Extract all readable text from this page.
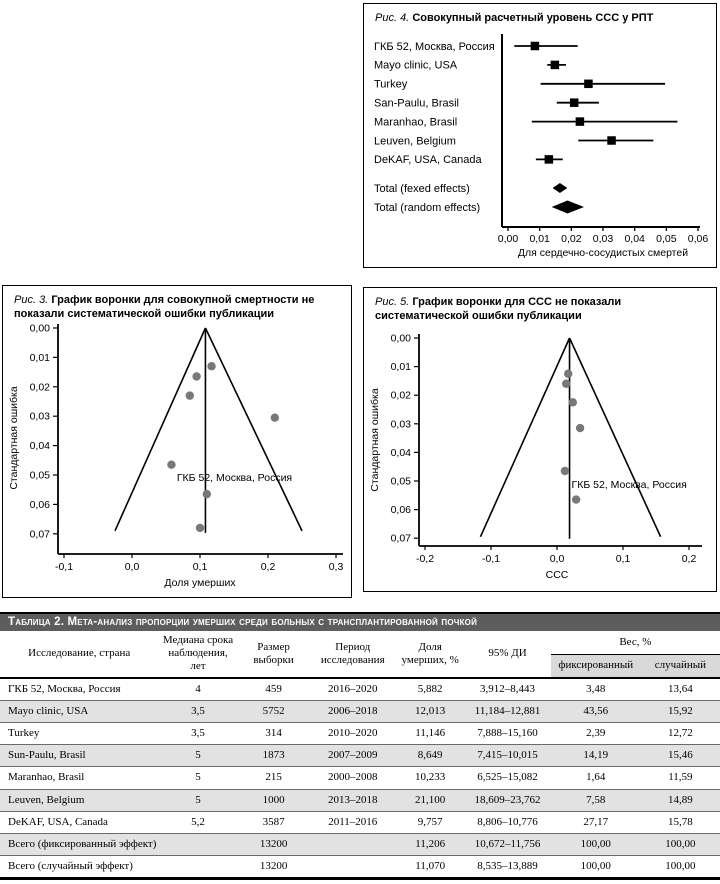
Рис. 4. Совокупный расчетный уровень ССС у РПТ
0,00 0,01 0,02 0,03 0,04 0,05 0,06
Для сердечно-сосудистых смертей
ГКБ 52, Москва, Россия
Mayo clinic, USA
Turkey
San-Paulu, Brasil
Maranhao, Brasil
Leuven, Belgium
DeKAF, USA, Canada
Total (fexed effects)
Total (random effects)
Рис. 3. График воронки для совокупной смертности не показали систематической ошибки публикации
0,00
0,01
0,02
0,03
0,04
0,05
0,06
0,07
-0,1	0,0	0,1	0,2	0,3
Доля умерших
Стандартная ошибка	ГКБ 52, Москва, Россия
Рис. 5. График воронки для ССС не показали систематической ошибки публикации
0,00
0,01
0,02
0,03
0,04
0,05
0,06
0,07
-0,2	-0,1	0,0	0,1	0,2
ССС
Стандартная ошибка	ГКБ 52, Москва, Россия
Таблица 2. Мета-анализ пропорции умерших среди больных с трансплантированной почкой
Исследование, страна	Медиана срока наблюдения, лет	Размер выборки	Период исследования	Доля умерших, %	95% ДИ	Вес, %	
						фиксированный	случайный
ГКБ 52, Москва, Россия	4	459	2016–2020	5,882	3,912–8,443	3,48	13,64
Mayo clinic, USA	3,5	5752	2006–2018	12,013	11,184–12,881	43,56	15,92
Turkey	3,5	314	2010–2020	11,146	7,888–15,160	2,39	12,72
Sun-Paulu, Brasil	5	1873	2007–2009	8,649	7,415–10,015	14,19	15,46
Maranhao, Brasil	5	215	2000–2008	10,233	6,525–15,082	1,64	11,59
Leuven, Belgium	5	1000	2013–2018	21,100	18,609–23,762	7,58	14,89
DeKAF, USA, Canada	5,2	3587	2011–2016	9,757	8,806–10,776	27,17	15,78
Всего (фиксированный эффект)		13200		11,206	10,672–11,756	100,00	100,00
Всего (случайный эффект)		13200		11,070	8,535–13,889	100,00	100,00
